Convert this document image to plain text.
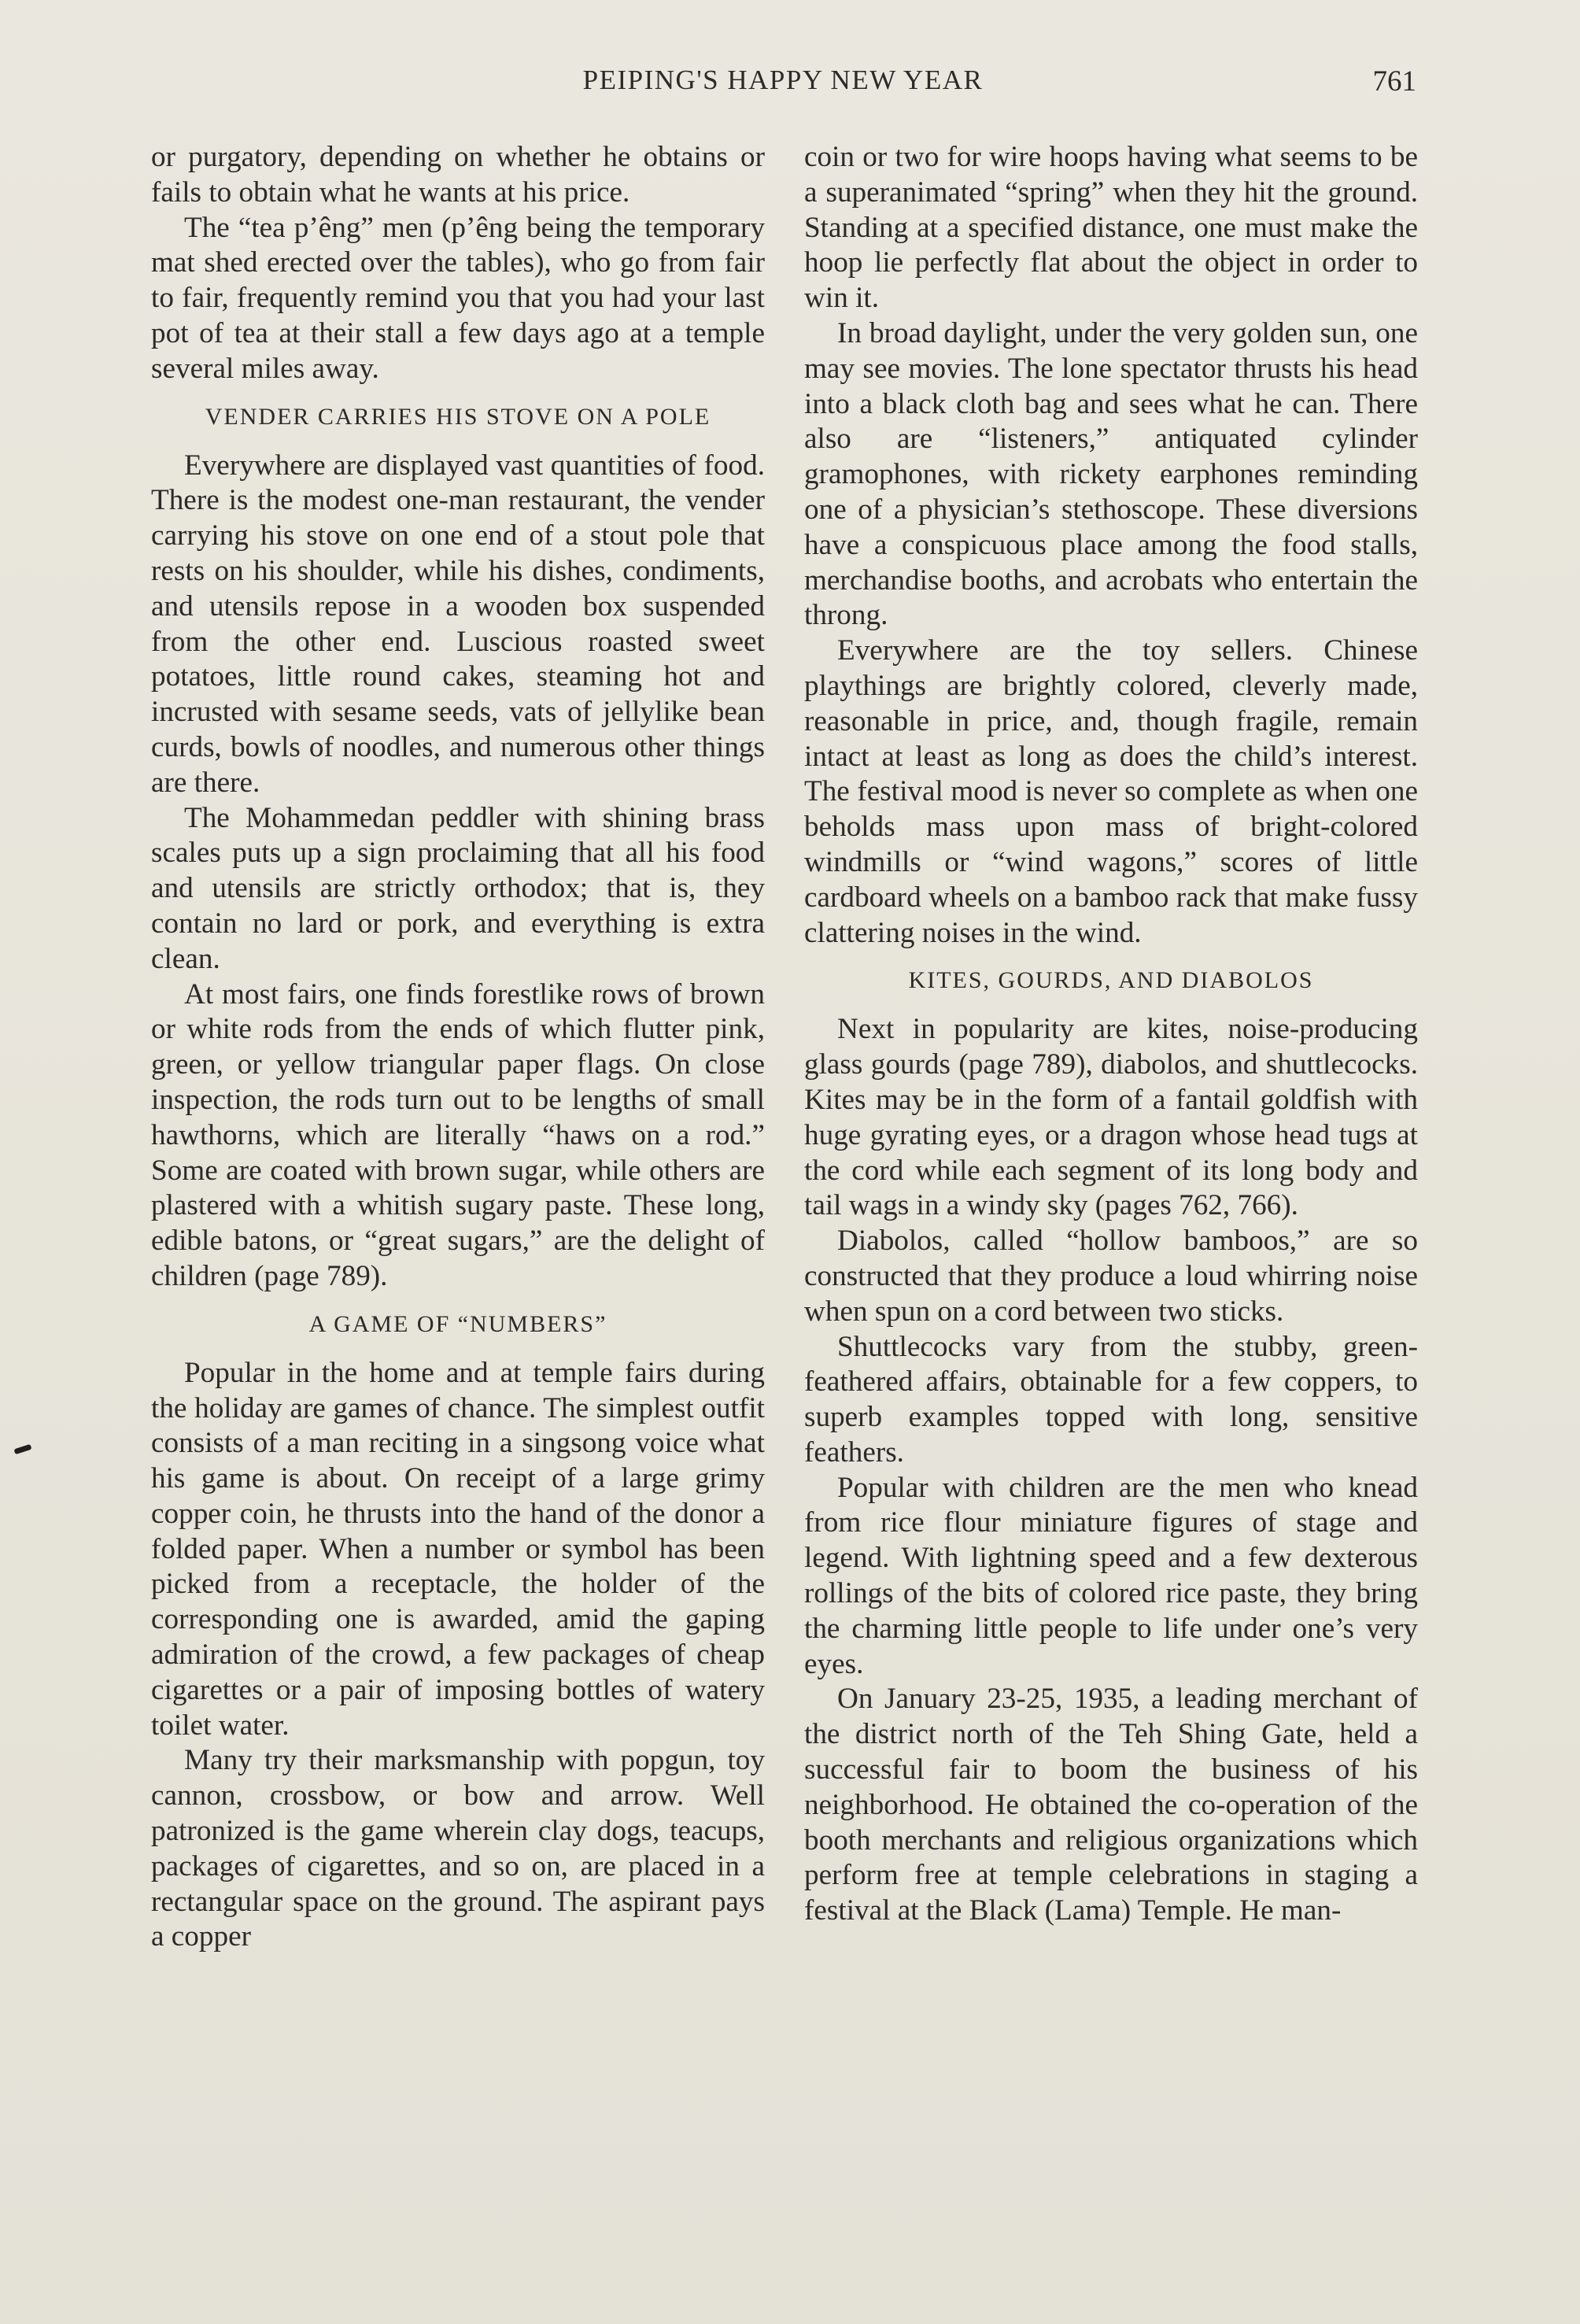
PEIPING'S HAPPY NEW YEAR	761

or purgatory, depending on whether he obtains or fails to obtain what he wants at his price.

The “tea p’êng” men (p’êng being the temporary mat shed erected over the tables), who go from fair to fair, frequently remind you that you had your last pot of tea at their stall a few days ago at a temple several miles away.

VENDER CARRIES HIS STOVE ON A POLE

Everywhere are displayed vast quantities of food. There is the modest one-man restaurant, the vender carrying his stove on one end of a stout pole that rests on his shoulder, while his dishes, condiments, and utensils repose in a wooden box suspended from the other end. Luscious roasted sweet potatoes, little round cakes, steaming hot and incrusted with sesame seeds, vats of jellylike bean curds, bowls of noodles, and numerous other things are there.

The Mohammedan peddler with shining brass scales puts up a sign proclaiming that all his food and utensils are strictly orthodox; that is, they contain no lard or pork, and everything is extra clean.

At most fairs, one finds forestlike rows of brown or white rods from the ends of which flutter pink, green, or yellow triangular paper flags. On close inspection, the rods turn out to be lengths of small hawthorns, which are literally “haws on a rod.” Some are coated with brown sugar, while others are plastered with a whitish sugary paste. These long, edible batons, or “great sugars,” are the delight of children (page 789).

A GAME OF “NUMBERS”

Popular in the home and at temple fairs during the holiday are games of chance. The simplest outfit consists of a man reciting in a singsong voice what his game is about. On receipt of a large grimy copper coin, he thrusts into the hand of the donor a folded paper. When a number or symbol has been picked from a receptacle, the holder of the corresponding one is awarded, amid the gaping admiration of the crowd, a few packages of cheap cigarettes or a pair of imposing bottles of watery toilet water.

Many try their marksmanship with popgun, toy cannon, crossbow, or bow and arrow. Well patronized is the game wherein clay dogs, teacups, packages of cigarettes, and so on, are placed in a rectangular space on the ground. The aspirant pays a copper

coin or two for wire hoops having what seems to be a superanimated “spring” when they hit the ground. Standing at a specified distance, one must make the hoop lie perfectly flat about the object in order to win it.

In broad daylight, under the very golden sun, one may see movies. The lone spectator thrusts his head into a black cloth bag and sees what he can. There also are “listeners,” antiquated cylinder gramophones, with rickety earphones reminding one of a physician’s stethoscope. These diversions have a conspicuous place among the food stalls, merchandise booths, and acrobats who entertain the throng.

Everywhere are the toy sellers. Chinese playthings are brightly colored, cleverly made, reasonable in price, and, though fragile, remain intact at least as long as does the child’s interest. The festival mood is never so complete as when one beholds mass upon mass of bright-colored windmills or “wind wagons,” scores of little cardboard wheels on a bamboo rack that make fussy clattering noises in the wind.

KITES, GOURDS, AND DIABOLOS

Next in popularity are kites, noise-producing glass gourds (page 789), diabolos, and shuttlecocks. Kites may be in the form of a fantail goldfish with huge gyrating eyes, or a dragon whose head tugs at the cord while each segment of its long body and tail wags in a windy sky (pages 762, 766).

Diabolos, called “hollow bamboos,” are so constructed that they produce a loud whirring noise when spun on a cord between two sticks.

Shuttlecocks vary from the stubby, green-feathered affairs, obtainable for a few coppers, to superb examples topped with long, sensitive feathers.

Popular with children are the men who knead from rice flour miniature figures of stage and legend. With lightning speed and a few dexterous rollings of the bits of colored rice paste, they bring the charming little people to life under one’s very eyes.

On January 23-25, 1935, a leading merchant of the district north of the Teh Shing Gate, held a successful fair to boom the business of his neighborhood. He obtained the co-operation of the booth merchants and religious organizations which perform free at temple celebrations in staging a festival at the Black (Lama) Temple. He man-
